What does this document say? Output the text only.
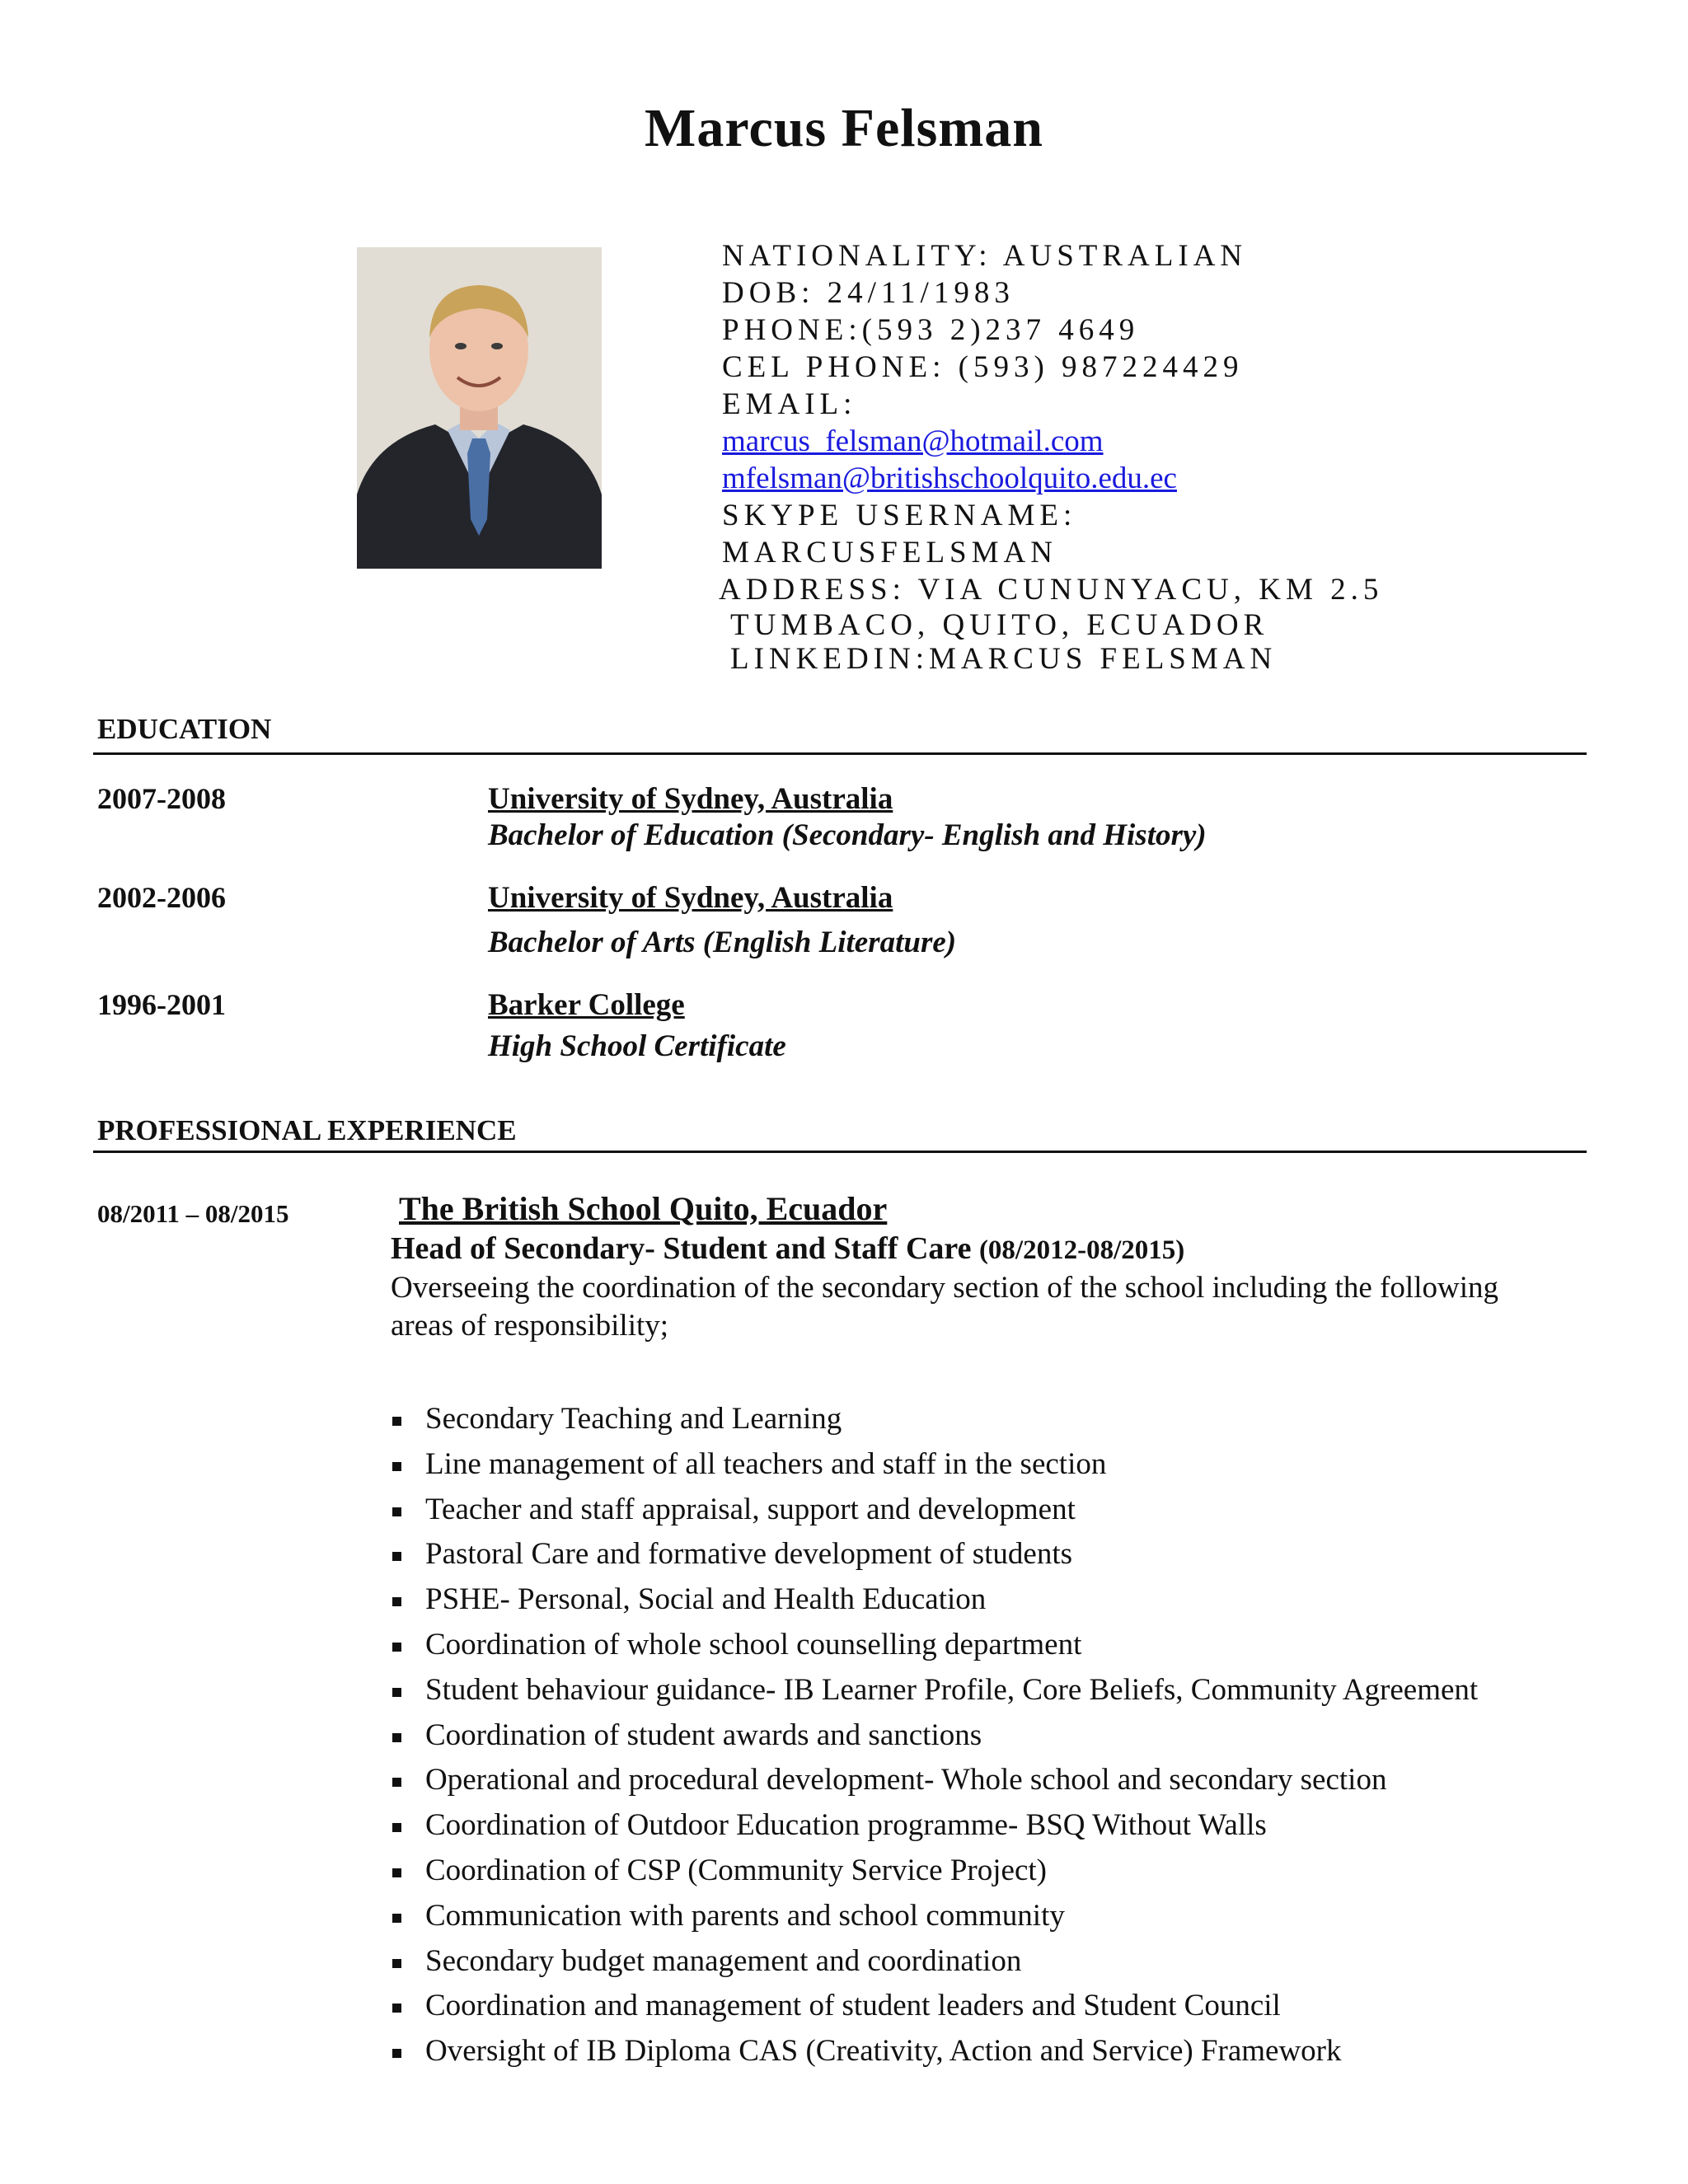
Marcus Felsman
NATIONALITY: AUSTRALIAN
DOB: 24/11/1983
PHONE:(593 2)237 4649
CEL PHONE: (593) 987224429
EMAIL:
marcus_felsman@hotmail.com
mfelsman@britishschoolquito.edu.ec
SKYPE USERNAME:
MARCUSFELSMAN
ADDRESS: VIA CUNUNYACU, KM 2.5
TUMBACO, QUITO, ECUADOR
LINKEDIN:MARCUS FELSMAN
EDUCATION
2007-2008	University of Sydney, Australia
Bachelor of Education (Secondary- English and History)
2002-2006	University of Sydney, Australia
Bachelor of Arts (English Literature)
1996-2001	Barker College
High School Certificate
PROFESSIONAL EXPERIENCE
08/2011 – 08/2015	The British School Quito, Ecuador
Head of Secondary- Student and Staff Care (08/2012-08/2015)
Overseeing the coordination of the secondary section of the school including the following areas of responsibility;
Secondary Teaching and Learning
Line management of all teachers and staff in the section
Teacher and staff appraisal, support and development
Pastoral Care and formative development of students
PSHE- Personal, Social and Health Education
Coordination of whole school counselling department
Student behaviour guidance- IB Learner Profile, Core Beliefs, Community Agreement
Coordination of student awards and sanctions
Operational and procedural development- Whole school and secondary section
Coordination of Outdoor Education programme- BSQ Without Walls
Coordination of CSP (Community Service Project)
Communication with parents and school community
Secondary budget management and coordination
Coordination and management of student leaders and Student Council
Oversight of IB Diploma CAS (Creativity, Action and Service) Framework
